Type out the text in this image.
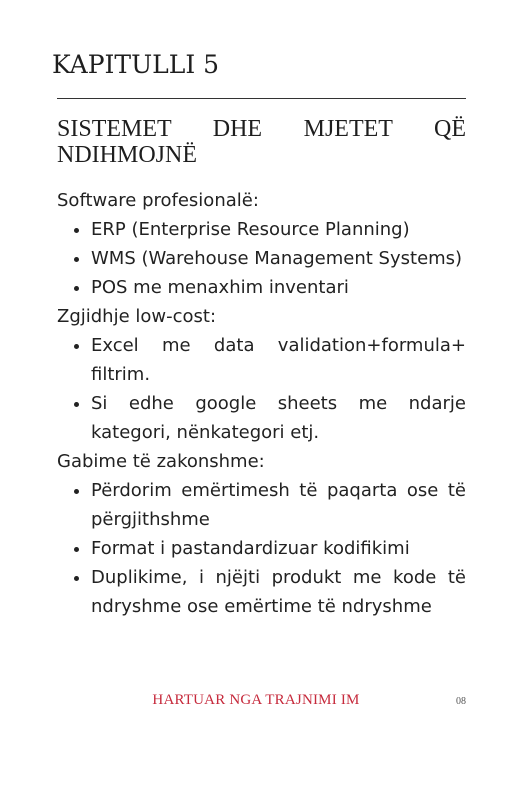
KAPITULLI 5
SISTEMET DHE MJETET QË NDIHMOJNË

Software profesionalë:

• ERP (Enterprise Resource Planning)
• WMS (Warehouse Management Systems)
• POS me menaxhim inventari

Zgjidhje low-cost:

• Excel me data validation+formula+ filtrim.
• Si edhe google sheets me ndarje kategori, nënkategori etj.

Gabime të zakonshme:

• Përdorim emërtimesh të paqarta ose të përgjithshme
• Format i pastandardizuar kodifikimi
• Duplikime, i njëjti produkt me kode të ndryshme ose emërtime të ndryshme
HARTUAR NGA TRAJNIMI IM	08
